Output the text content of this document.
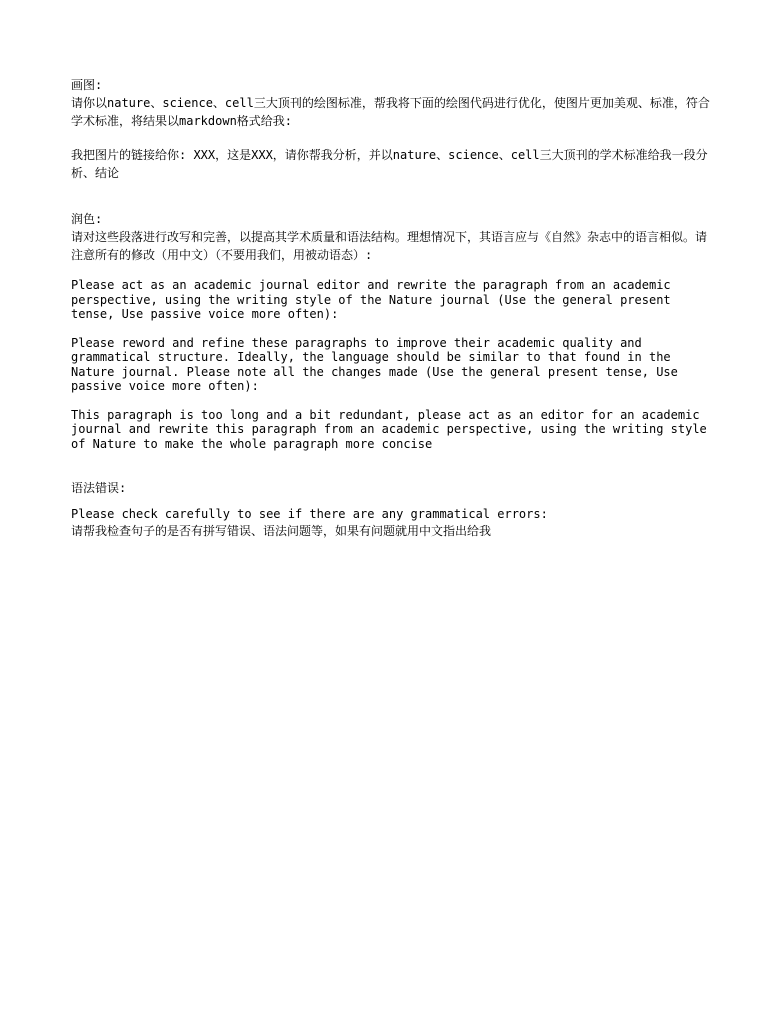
画图:

请你以nature、science、cell三大顶刊的绘图标准，帮我将下面的绘图代码进行优化，使图片更加美观、标准，符合学术标准，将结果以markdown格式给我:

我把图片的链接给你: XXX，这是XXX，请你帮我分析，并以nature、science、cell三大顶刊的学术标准给我一段分析、结论

润色:

请对这些段落进行改写和完善，以提高其学术质量和语法结构。理想情况下，其语言应与《自然》杂志中的语言相似。请注意所有的修改（用中文）（不要用我们，用被动语态）:

Please act as an academic journal editor and rewrite the paragraph from an academic perspective, using the writing style of the Nature journal (Use the general present tense, Use passive voice more often):

Please reword and refine these paragraphs to improve their academic quality and grammatical structure. Ideally, the language should be similar to that found in the Nature journal. Please note all the changes made (Use the general present tense, Use passive voice more often):

This paragraph is too long and a bit redundant, please act as an editor for an academic journal and rewrite this paragraph from an academic perspective, using the writing style of Nature to make the whole paragraph more concise

语法错误:

Please check carefully to see if there are any grammatical errors:

请帮我检查句子的是否有拼写错误、语法问题等，如果有问题就用中文指出给我
